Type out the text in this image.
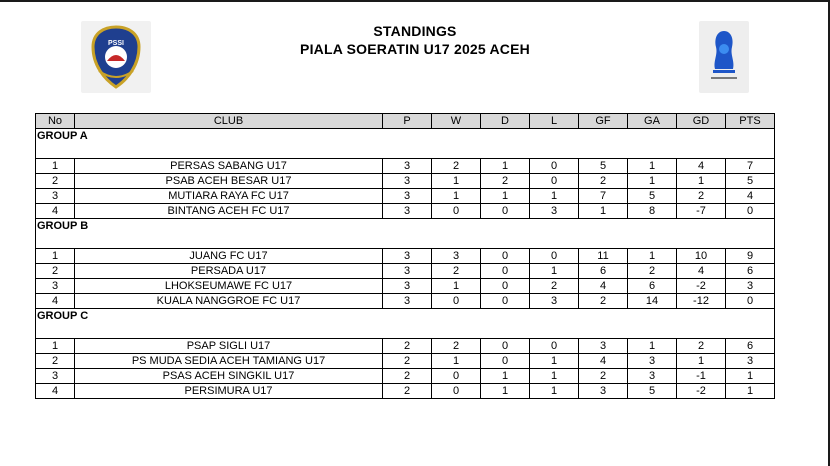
PSSI
STANDINGS
PIALA SOERATIN U17 2025 ACEH
No	CLUB	P	W	D	L	GF	GA	GD	PTS
GROUP A									
1	PERSAS SABANG U17	3	2	1	0	5	1	4	7
2	PSAB ACEH BESAR U17	3	1	2	0	2	1	1	5
3	MUTIARA RAYA FC U17	3	1	1	1	7	5	2	4
4	BINTANG ACEH FC U17	3	0	0	3	1	8	-7	0
GROUP B									
1	JUANG FC U17	3	3	0	0	11	1	10	9
2	PERSADA U17	3	2	0	1	6	2	4	6
3	LHOKSEUMAWE FC U17	3	1	0	2	4	6	-2	3
4	KUALA NANGGROE FC U17	3	0	0	3	2	14	-12	0
GROUP C									
1	PSAP SIGLI U17	2	2	0	0	3	1	2	6
2	PS MUDA SEDIA ACEH TAMIANG U17	2	1	0	1	4	3	1	3
3	PSAS ACEH SINGKIL U17	2	0	1	1	2	3	-1	1
4	PERSIMURA U17	2	0	1	1	3	5	-2	1
